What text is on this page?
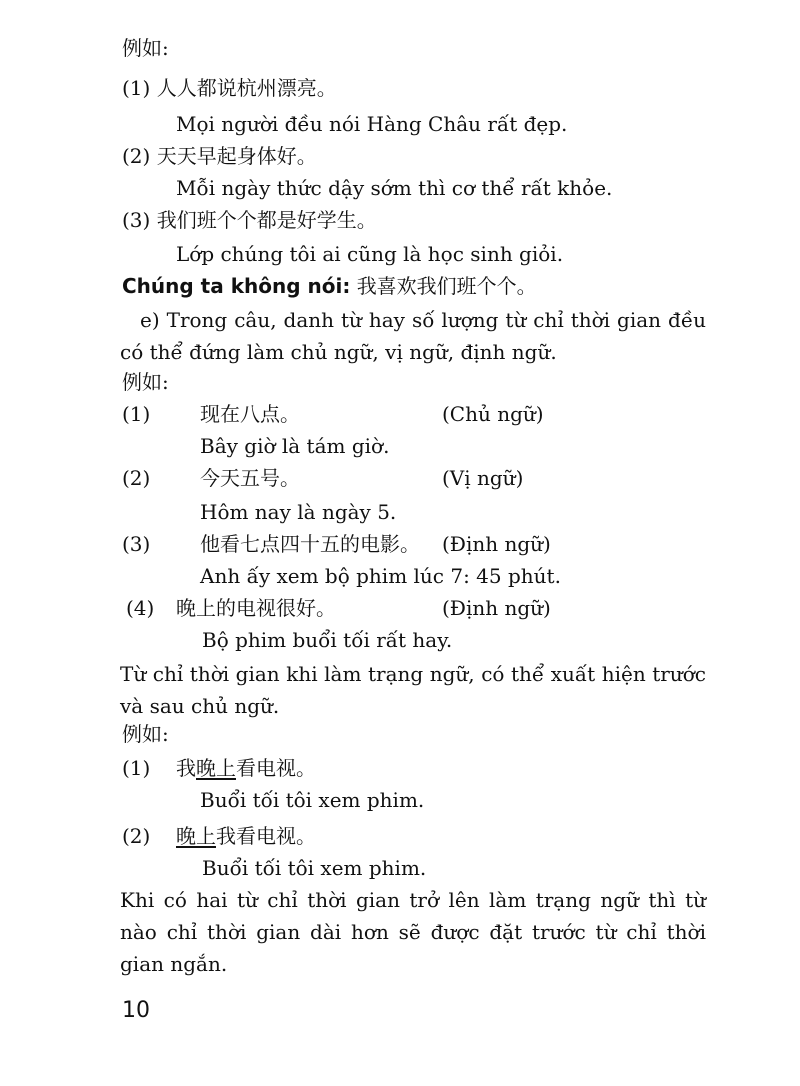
例如:
(1) 人人都说杭州漂亮。
Mọi người đều nói Hàng Châu rất đẹp.
(2) 天天早起身体好。
Mỗi ngày thức dậy sớm thì cơ thể rất khỏe.
(3) 我们班个个都是好学生。
Lớp chúng tôi ai cũng là học sinh giỏi.
Chúng ta không nói: 我喜欢我们班个个。
e) Trong câu, danh từ hay số lượng từ chỉ thời gian đều có thể đứng làm chủ ngữ, vị ngữ, định ngữ.
例如:
(1) 现在八点。	(Chủ ngữ)
Bây giờ là tám giờ.
(2) 今天五号。	(Vị ngữ)
Hôm nay là ngày 5.
(3) 他看七点四十五的电影。 (Định ngữ)
Anh ấy xem bộ phim lúc 7: 45 phút.
(4) 晚上的电视很好。	(Định ngữ)
Bộ phim buổi tối rất hay.
Từ chỉ thời gian khi làm trạng ngữ, có thể xuất hiện trước và sau chủ ngữ.
例如:
(1) 我晚上看电视。
Buổi tối tôi xem phim.
(2) 晚上我看电视。
Buổi tối tôi xem phim.
Khi có hai từ chỉ thời gian trở lên làm trạng ngữ thì từ nào chỉ thời gian dài hơn sẽ được đặt trước từ chỉ thời gian ngắn.
10
